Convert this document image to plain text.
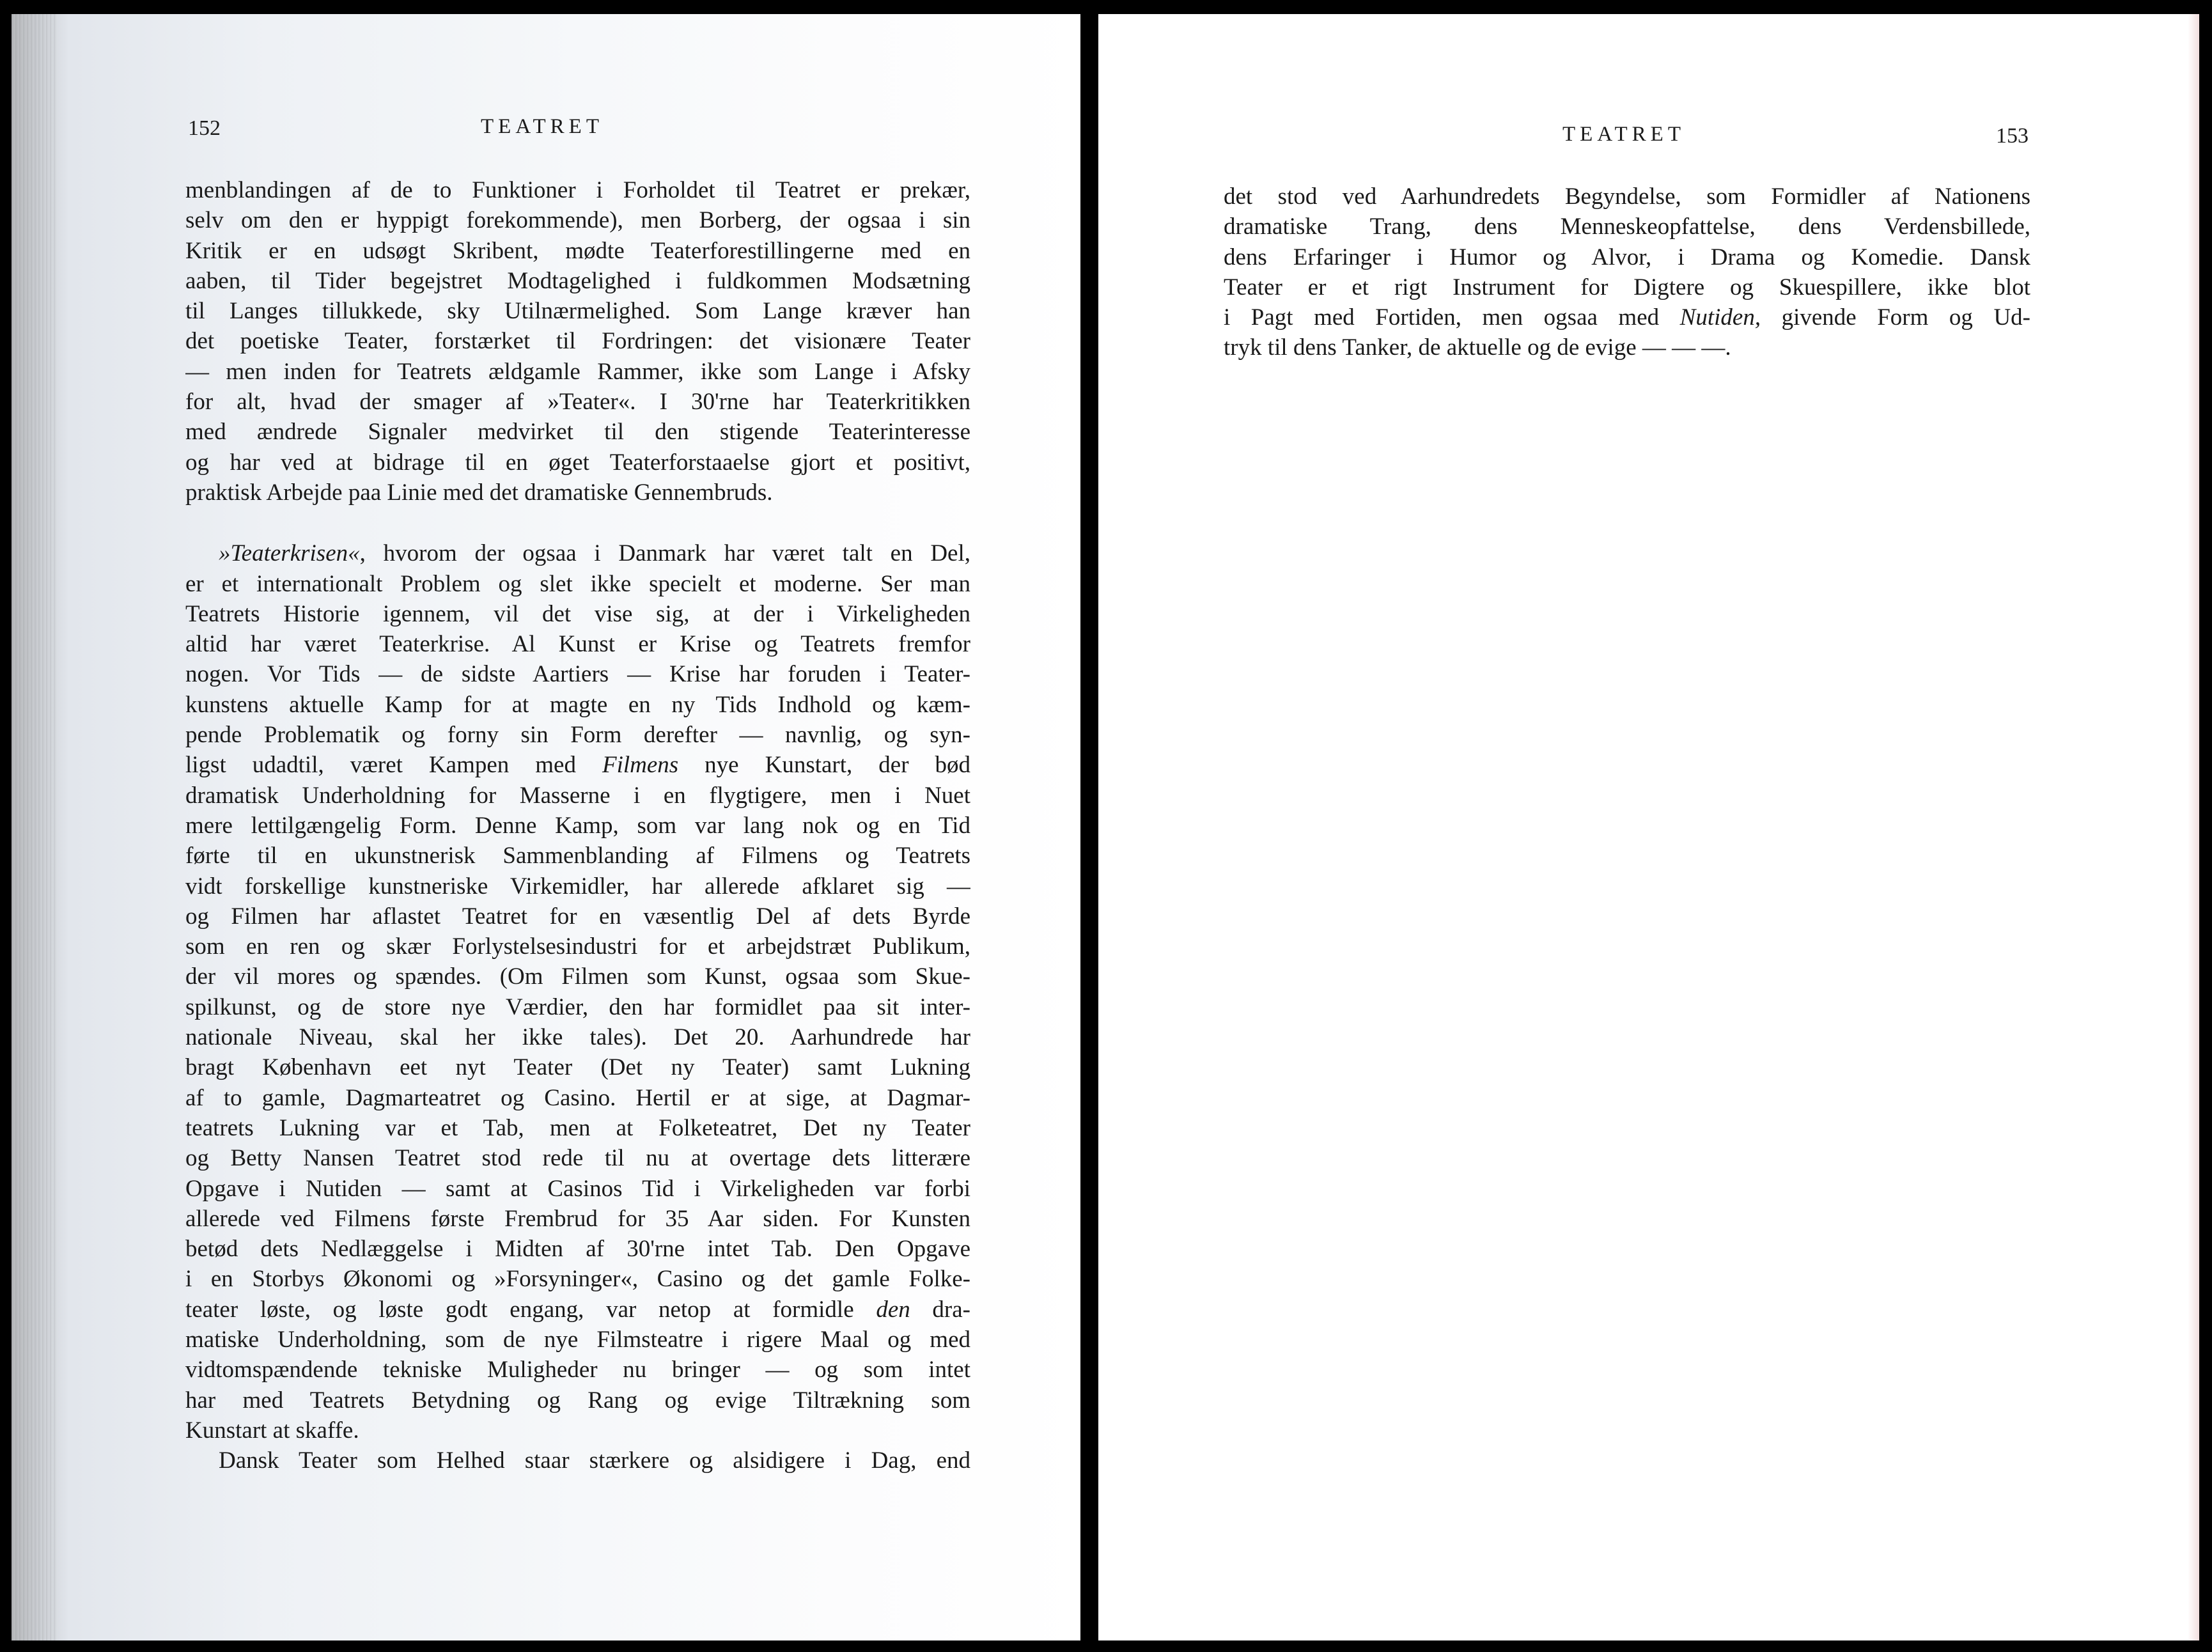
152	TEATRET

menblandingen af de to Funktioner i Forholdet til Teatret er prekær,
selv om den er hyppigt forekommende), men Borberg, der ogsaa i sin
Kritik er en udsøgt Skribent, mødte Teaterforestillingerne med en
aaben, til Tider begejstret Modtagelighed i fuldkommen Modsætning
til Langes tillukkede, sky Utilnærmelighed. Som Lange kræver han
det poetiske Teater, forstærket til Fordringen: det visionære Teater
— men inden for Teatrets ældgamle Rammer, ikke som Lange i Afsky
for alt, hvad der smager af »Teater«. I 30'rne har Teaterkritikken
med ændrede Signaler medvirket til den stigende Teaterinteresse
og har ved at bidrage til en øget Teaterforstaaelse gjort et positivt,
praktisk Arbejde paa Linie med det dramatiske Gennembruds.

»Teaterkrisen«, hvorom der ogsaa i Danmark har været talt en Del,
er et internationalt Problem og slet ikke specielt et moderne. Ser man
Teatrets Historie igennem, vil det vise sig, at der i Virkeligheden
altid har været Teaterkrise. Al Kunst er Krise og Teatrets fremfor
nogen. Vor Tids — de sidste Aartiers — Krise har foruden i Teater-
kunstens aktuelle Kamp for at magte en ny Tids Indhold og kæm-
pende Problematik og forny sin Form derefter — navnlig, og syn-
ligst udadtil, været Kampen med Filmens nye Kunstart, der bød
dramatisk Underholdning for Masserne i en flygtigere, men i Nuet
mere lettilgængelig Form. Denne Kamp, som var lang nok og en Tid
førte til en ukunstnerisk Sammenblanding af Filmens og Teatrets
vidt forskellige kunstneriske Virkemidler, har allerede afklaret sig —
og Filmen har aflastet Teatret for en væsentlig Del af dets Byrde
som en ren og skær Forlystelsesindustri for et arbejdstræt Publikum,
der vil mores og spændes. (Om Filmen som Kunst, ogsaa som Skue-
spilkunst, og de store nye Værdier, den har formidlet paa sit inter-
nationale Niveau, skal her ikke tales). Det 20. Aarhundrede har
bragt København eet nyt Teater (Det ny Teater) samt Lukning
af to gamle, Dagmarteatret og Casino. Hertil er at sige, at Dagmar-
teatrets Lukning var et Tab, men at Folketeatret, Det ny Teater
og Betty Nansen Teatret stod rede til nu at overtage dets litterære
Opgave i Nutiden — samt at Casinos Tid i Virkeligheden var forbi
allerede ved Filmens første Frembrud for 35 Aar siden. For Kunsten
betød dets Nedlæggelse i Midten af 30'rne intet Tab. Den Opgave
i en Storbys Økonomi og »Forsyninger«, Casino og det gamle Folke-
teater løste, og løste godt engang, var netop at formidle den dra-
matiske Underholdning, som de nye Filmsteatre i rigere Maal og med
vidtomspændende tekniske Muligheder nu bringer — og som intet
har med Teatrets Betydning og Rang og evige Tiltrækning som
Kunstart at skaffe.

Dansk Teater som Helhed staar stærkere og alsidigere i Dag, end

TEATRET	153

det stod ved Aarhundredets Begyndelse, som Formidler af Nationens
dramatiske Trang, dens Menneskeopfattelse, dens Verdensbillede,
dens Erfaringer i Humor og Alvor, i Drama og Komedie. Dansk
Teater er et rigt Instrument for Digtere og Skuespillere, ikke blot
i Pagt med Fortiden, men ogsaa med Nutiden, givende Form og Ud-
tryk til dens Tanker, de aktuelle og de evige — — —.
